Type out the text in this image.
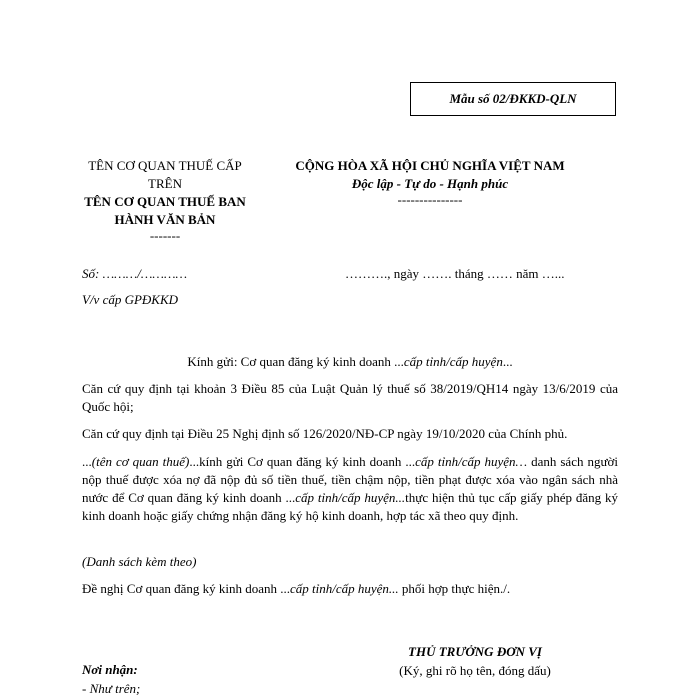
Mẫu số 02/ĐKKD-QLN
TÊN CƠ QUAN THUẾ CẤP TRÊN
TÊN CƠ QUAN THUẾ BAN HÀNH VĂN BẢN
-------
CỘNG HÒA XÃ HỘI CHỦ NGHĨA VIỆT NAM
Độc lập - Tự do - Hạnh phúc
---------------
Số: ………/…………	………., ngày ……. tháng …… năm …...
V/v cấp GPĐKKD
Kính gửi: Cơ quan đăng ký kinh doanh ...cấp tỉnh/cấp huyện...
Căn cứ quy định tại khoản 3 Điều 85 của Luật Quản lý thuế số 38/2019/QH14 ngày 13/6/2019 của Quốc hội;
Căn cứ quy định tại Điều 25 Nghị định số 126/2020/NĐ-CP ngày 19/10/2020 của Chính phủ.
...(tên cơ quan thuế)...kính gửi Cơ quan đăng ký kinh doanh ...cấp tỉnh/cấp huyện… danh sách người nộp thuế được xóa nợ đã nộp đủ số tiền thuế, tiền chậm nộp, tiền phạt được xóa vào ngân sách nhà nước để Cơ quan đăng ký kinh doanh ...cấp tỉnh/cấp huyện...thực hiện thủ tục cấp giấy phép đăng ký kinh doanh hoặc giấy chứng nhận đăng ký hộ kinh doanh, hợp tác xã theo quy định.
(Danh sách kèm theo)
Đề nghị Cơ quan đăng ký kinh doanh ...cấp tỉnh/cấp huyện... phối hợp thực hiện./.
THỦ TRƯỞNG ĐƠN VỊ
(Ký, ghi rõ họ tên, đóng dấu)
Nơi nhận:
- Như trên;
